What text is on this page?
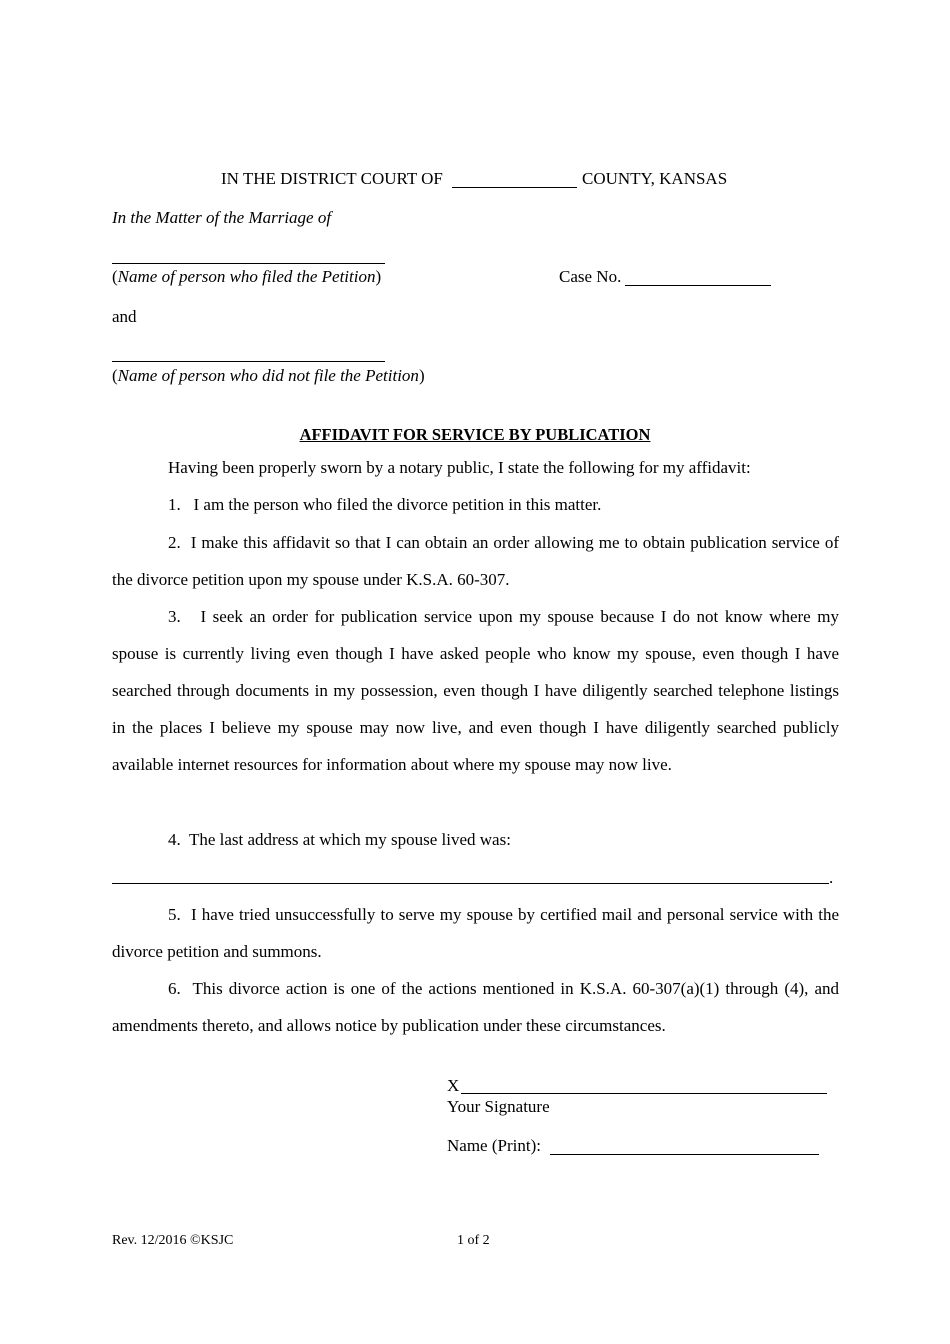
IN THE DISTRICT COURT OF	COUNTY, KANSAS
In the Matter of the Marriage of
(Name of person who filed the Petition)	Case No.
and
(Name of person who did not file the Petition)
AFFIDAVIT FOR SERVICE BY PUBLICATION
Having been properly sworn by a notary public, I state the following for my affidavit:
1.   I am the person who filed the divorce petition in this matter.
2.  I make this affidavit so that I can obtain an order allowing me to obtain publication service of the divorce petition upon my spouse under K.S.A. 60-307.
3.   I seek an order for publication service upon my spouse because I do not know where my spouse is currently living even though I have asked people who know my spouse, even though I have searched through documents in my possession, even though I have diligently searched telephone listings in the places I believe my spouse may now live, and even though I have diligently searched publicly available internet resources for information about where my spouse may now live.
4.  The last address at which my spouse lived was:
.
5.  I have tried unsuccessfully to serve my spouse by certified mail and personal service with the divorce petition and summons.
6.  This divorce action is one of the actions mentioned in K.S.A. 60-307(a)(1) through (4), and amendments thereto, and allows notice by publication under these circumstances.
X
Your Signature
Name (Print):
Rev. 12/2016 ©KSJC	1 of 2
